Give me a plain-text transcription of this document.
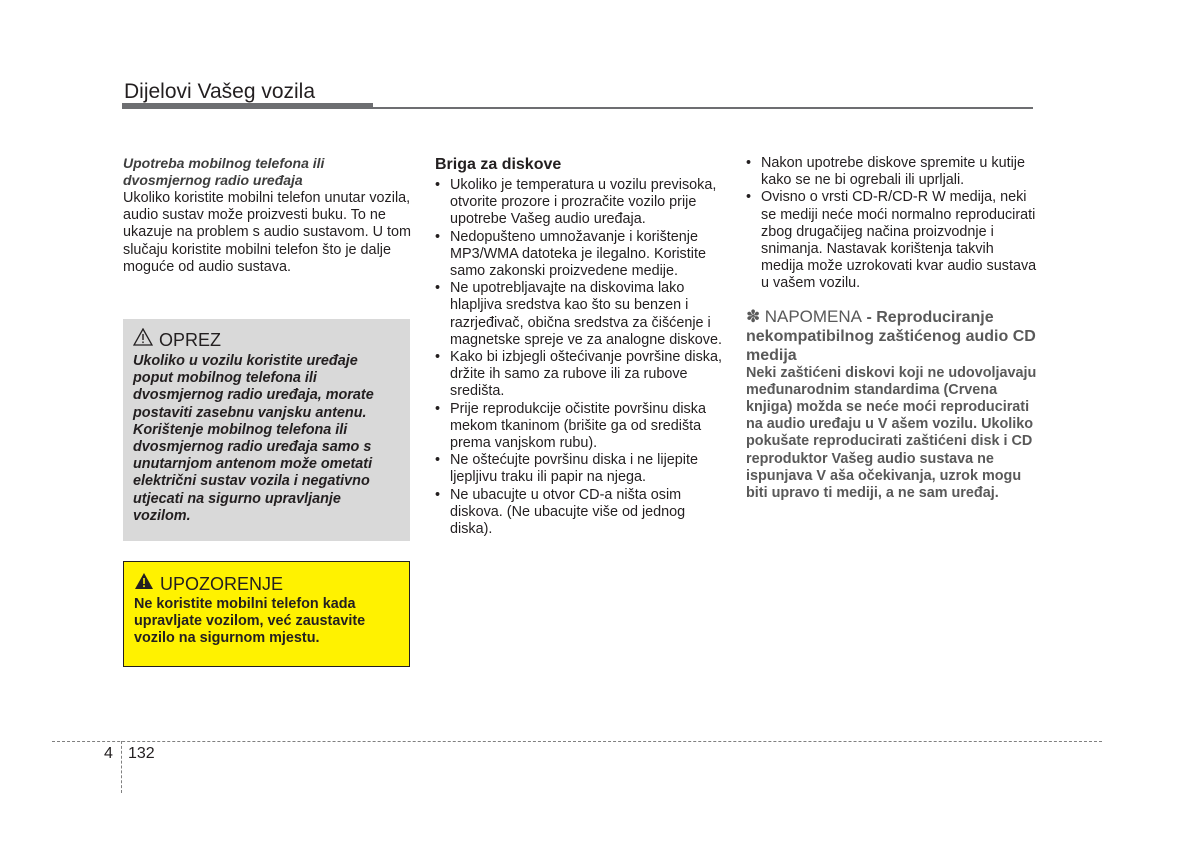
Dijelovi Vašeg vozila
Upotreba mobilnog telefona ili dvosmjernog radio uređaja

Ukoliko koristite mobilni telefon unutar vozila, audio sustav može proizvesti buku. To ne ukazuje na problem s audio sustavom. U tom slučaju koristite mobilni telefon što je dalje moguće od audio sustava.

OPREZ
Ukoliko u vozilu koristite uređaje poput mobilnog telefona ili dvosmjernog radio uređaja, morate postaviti zasebnu vanjsku antenu. Korištenje mobilnog telefona ili dvosmjernog radio uređaja samo s unutarnjom antenom može ometati električni sustav vozila i negativno utjecati na sigurno upravljanje vozilom.
UPOZORENJE
Ne koristite mobilni telefon kada upravljate vozilom, već zaustavite vozilo na sigurnom mjestu.
Briga za diskove
• Ukoliko je temperatura u vozilu previsoka, otvorite prozore i prozračite vozilo prije upotrebe Vašeg audio uređaja.
• Nedopušteno umnožavanje i korištenje MP3/WMA datoteka je ilegalno. Koristite samo zakonski proizvedene medije.
• Ne upotrebljavajte na diskovima lako hlapljiva sredstva kao što su benzen i razrjeđivač, obična sredstva za čišćenje i magnetske spreje ve za analogne diskove.
• Kako bi izbjegli oštećivanje površine diska, držite ih samo za rubove ili za rubove središta.
• Prije reprodukcije očistite površinu diska mekom tkaninom (brišite ga od središta prema vanjskom rubu).
• Ne oštećujte površinu diska i ne lijepite ljepljivu traku ili papir na njega.
• Ne ubacujte u otvor CD-a ništa osim diskova. (Ne ubacujte više od jednog diska).
• Nakon upotrebe diskove spremite u kutije kako se ne bi ogrebali ili uprljali.
• Ovisno o vrsti CD-R/CD-R W medija, neki se mediji neće moći normalno reproducirati zbog drugačijeg načina proizvodnje i snimanja. Nastavak korištenja takvih medija može uzrokovati kvar audio sustava u vašem vozilu.
✽ NAPOMENA - Reproduciranje nekompatibilnog zaštićenog audio CD medija
Neki zaštićeni diskovi koji ne udovoljavaju međunarodnim standardima (Crvena knjiga) možda se neće moći reproducirati na audio uređaju u V ašem vozilu. Ukoliko pokušate reproducirati zaštićeni disk i CD reproduktor Vašeg audio sustava ne ispunjava V aša očekivanja, uzrok mogu biti upravo ti mediji, a ne sam uređaj.
4 132
